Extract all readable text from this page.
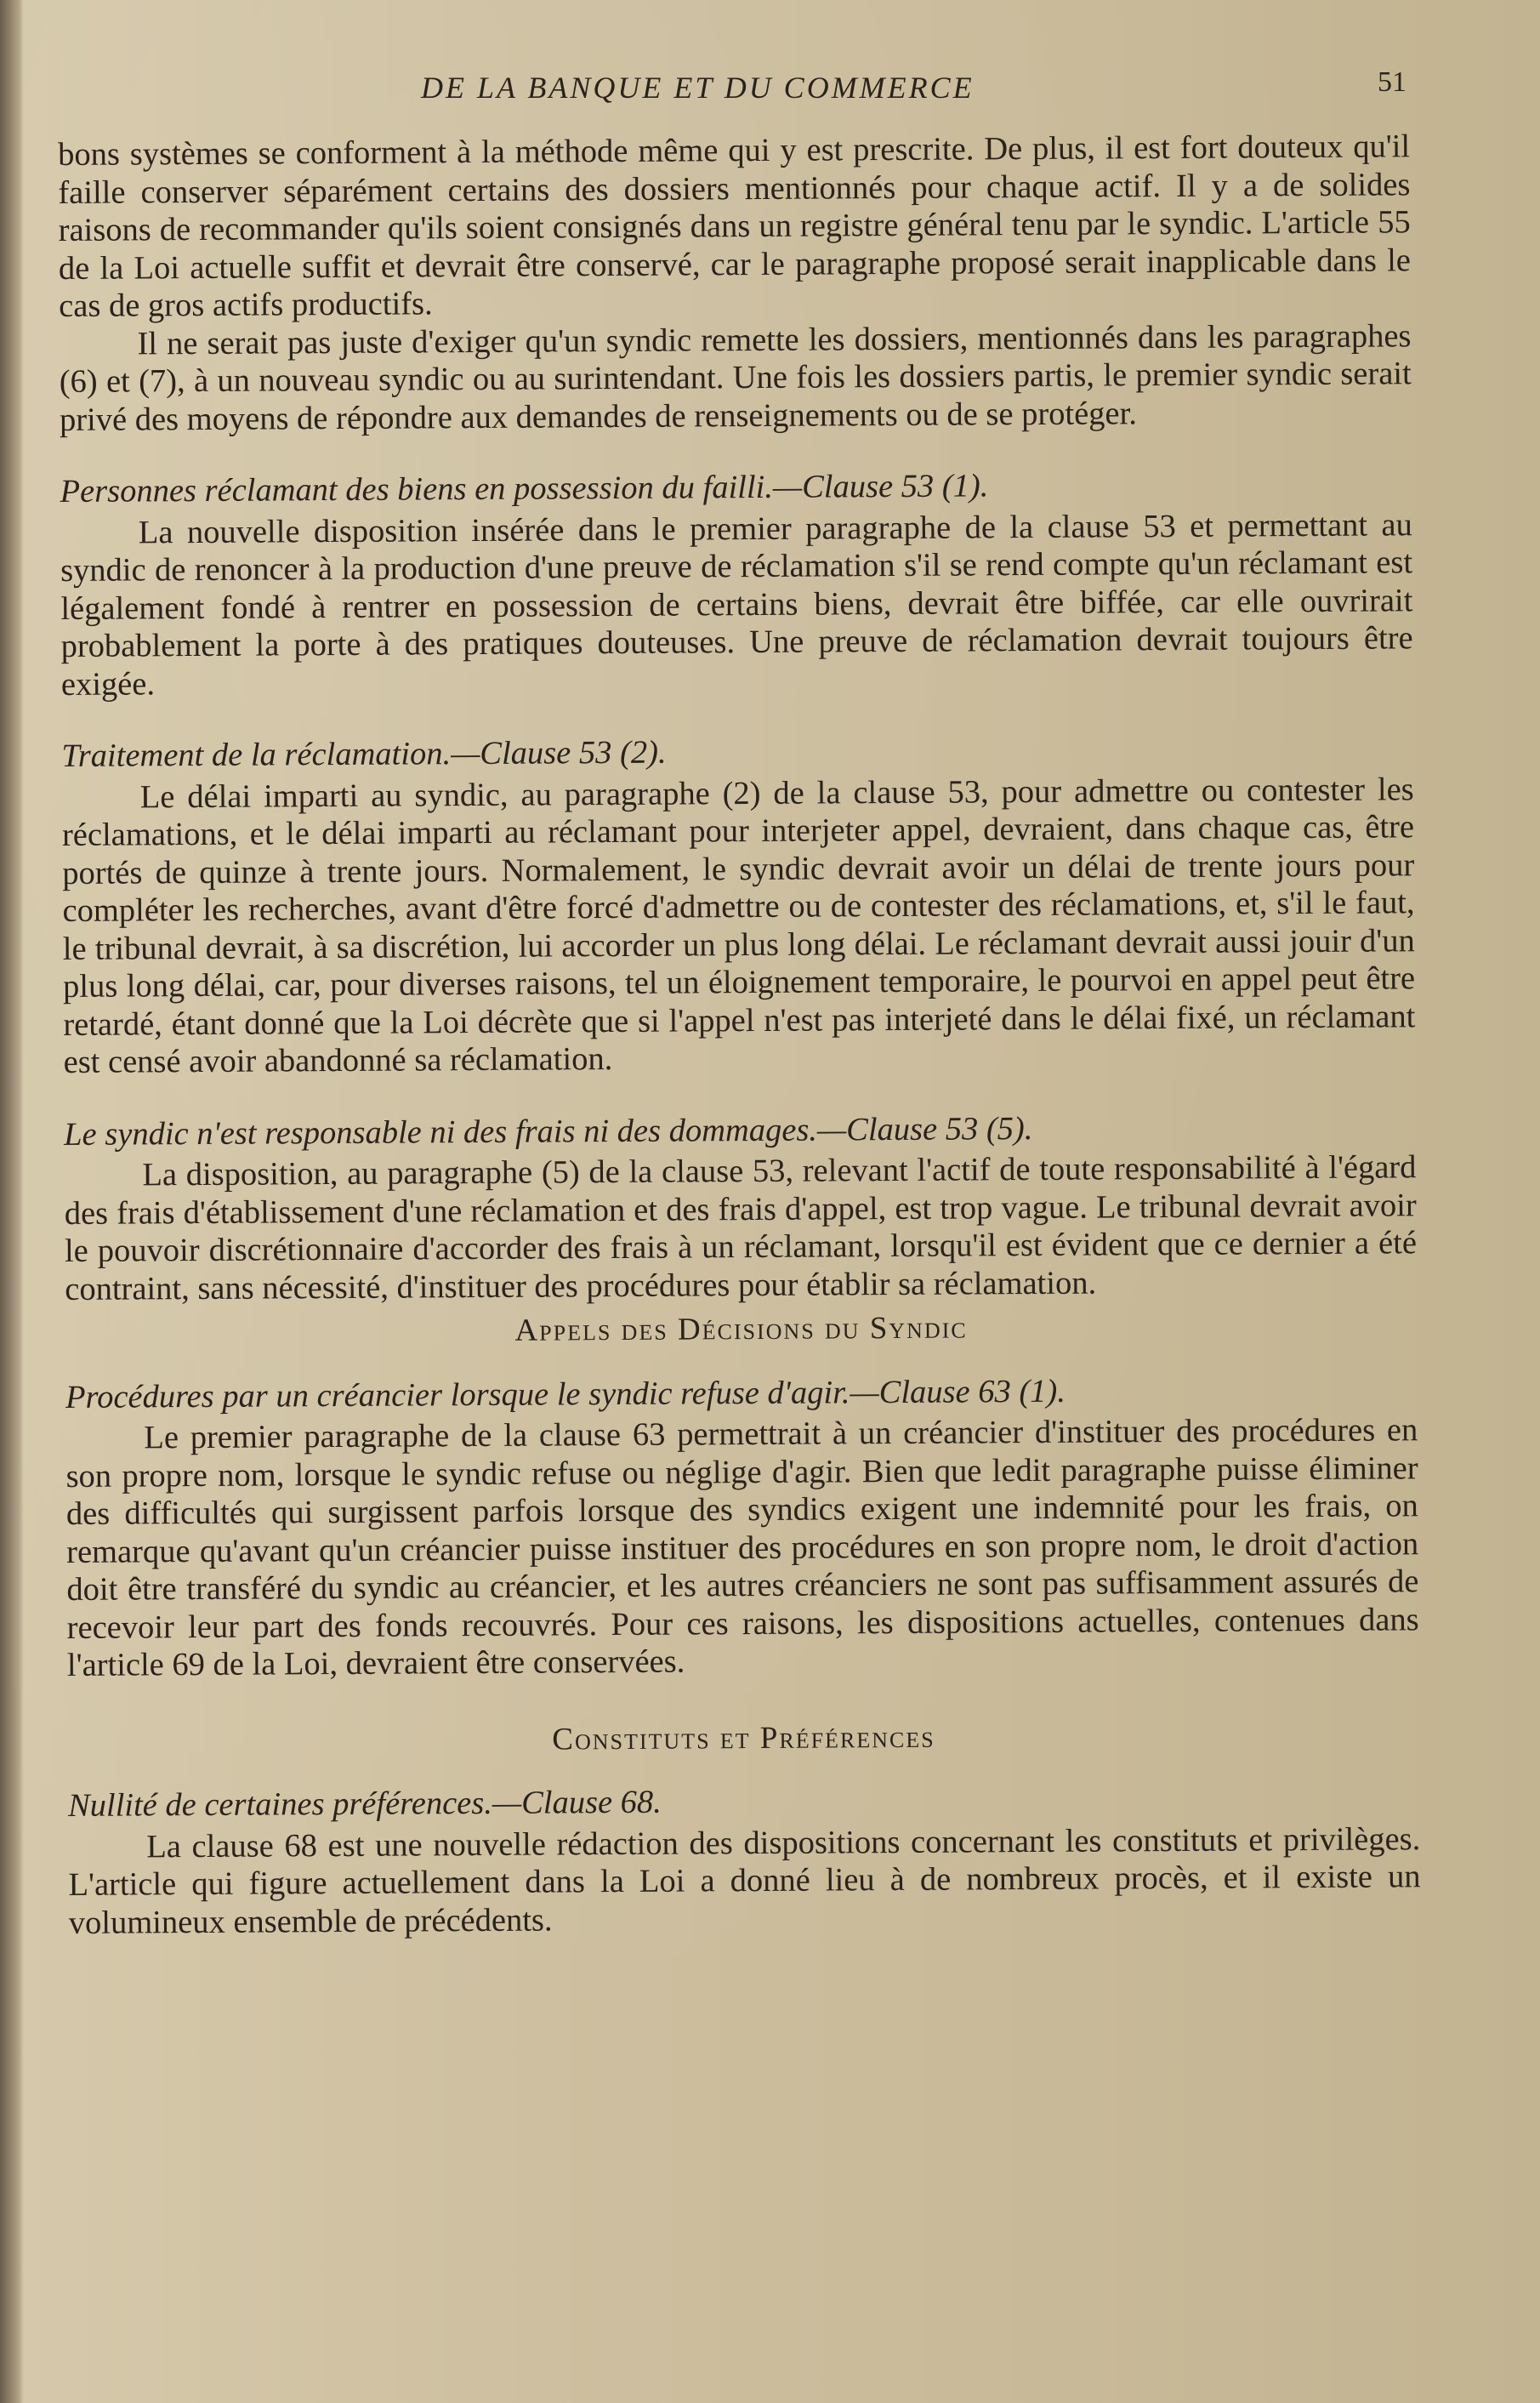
DE LA BANQUE ET DU COMMERCE	51

bons systèmes se conforment à la méthode même qui y est prescrite. De plus, il est fort douteux qu'il faille conserver séparément certains des dossiers mentionnés pour chaque actif. Il y a de solides raisons de recommander qu'ils soient consignés dans un registre général tenu par le syndic. L'article 55 de la Loi actuelle suffit et devrait être conservé, car le paragraphe proposé serait inapplicable dans le cas de gros actifs productifs.

Il ne serait pas juste d'exiger qu'un syndic remette les dossiers, mentionnés dans les paragraphes (6) et (7), à un nouveau syndic ou au surintendant. Une fois les dossiers partis, le premier syndic serait privé des moyens de répondre aux demandes de renseignements ou de se protéger.

Personnes réclamant des biens en possession du failli.—Clause 53 (1).

La nouvelle disposition insérée dans le premier paragraphe de la clause 53 et permettant au syndic de renoncer à la production d'une preuve de réclamation s'il se rend compte qu'un réclamant est légalement fondé à rentrer en possession de certains biens, devrait être biffée, car elle ouvrirait probablement la porte à des pratiques douteuses. Une preuve de réclamation devrait toujours être exigée.

Traitement de la réclamation.—Clause 53 (2).

Le délai imparti au syndic, au paragraphe (2) de la clause 53, pour admettre ou contester les réclamations, et le délai imparti au réclamant pour interjeter appel, devraient, dans chaque cas, être portés de quinze à trente jours. Normalement, le syndic devrait avoir un délai de trente jours pour compléter les recherches, avant d'être forcé d'admettre ou de contester des réclamations, et, s'il le faut, le tribunal devrait, à sa discrétion, lui accorder un plus long délai. Le réclamant devrait aussi jouir d'un plus long délai, car, pour diverses raisons, tel un éloignement temporaire, le pourvoi en appel peut être retardé, étant donné que la Loi décrète que si l'appel n'est pas interjeté dans le délai fixé, un réclamant est censé avoir abandonné sa réclamation.

Le syndic n'est responsable ni des frais ni des dommages.—Clause 53 (5).

La disposition, au paragraphe (5) de la clause 53, relevant l'actif de toute responsabilité à l'égard des frais d'établissement d'une réclamation et des frais d'appel, est trop vague. Le tribunal devrait avoir le pouvoir discrétionnaire d'accorder des frais à un réclamant, lorsqu'il est évident que ce dernier a été contraint, sans nécessité, d'instituer des procédures pour établir sa réclamation.

Appels des Décisions du Syndic

Procédures par un créancier lorsque le syndic refuse d'agir.—Clause 63 (1).

Le premier paragraphe de la clause 63 permettrait à un créancier d'instituer des procédures en son propre nom, lorsque le syndic refuse ou néglige d'agir. Bien que ledit paragraphe puisse éliminer des difficultés qui surgissent parfois lorsque des syndics exigent une indemnité pour les frais, on remarque qu'avant qu'un créancier puisse instituer des procédures en son propre nom, le droit d'action doit être transféré du syndic au créancier, et les autres créanciers ne sont pas suffisamment assurés de recevoir leur part des fonds recouvrés. Pour ces raisons, les dispositions actuelles, contenues dans l'article 69 de la Loi, devraient être conservées.

Constituts et Préférences

Nullité de certaines préférences.—Clause 68.

La clause 68 est une nouvelle rédaction des dispositions concernant les constituts et privilèges. L'article qui figure actuellement dans la Loi a donné lieu à de nombreux procès, et il existe un volumineux ensemble de précédents.
